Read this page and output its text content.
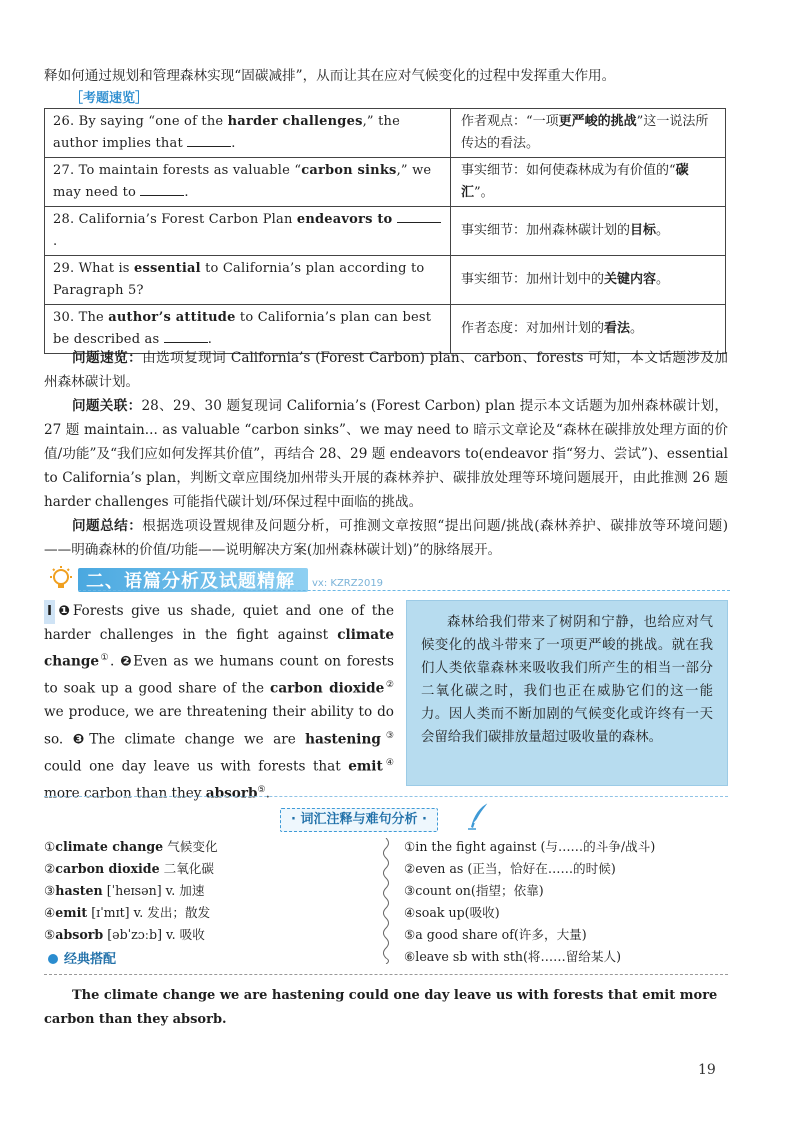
释如何通过规划和管理森林实现“固碳减排”，从而让其在应对气候变化的过程中发挥重大作用。
［考题速览］
26. By saying “one of the harder challenges,” the author implies that .	作者观点：“一项更严峻的挑战”这一说法所传达的看法。
27. To maintain forests as valuable “carbon sinks,” we may need to .	事实细节：如何使森林成为有价值的“碳汇”。
28. California’s Forest Carbon Plan endeavors to .	事实细节：加州森林碳计划的目标。
29. What is essential to California’s plan according to Paragraph 5?	事实细节：加州计划中的关键内容。
30. The author’s attitude to California’s plan can best be described as .	作者态度：对加州计划的看法。
问题速览：由选项复现词 California’s (Forest Carbon) plan、carbon、forests 可知，本文话题涉及加州森林碳计划。
问题关联：28、29、30 题复现词 California’s (Forest Carbon) plan 提示本文话题为加州森林碳计划，27 题 maintain... as valuable “carbon sinks”、we may need to 暗示文章论及“森林在碳排放处理方面的价值/功能”及“我们应如何发挥其价值”，再结合 28、29 题 endeavors to(endeavor 指“努力、尝试”)、essential to California’s plan，判断文章应围绕加州带头开展的森林养护、碳排放处理等环境问题展开，由此推测 26 题 harder challenges 可能指代碳计划/环保过程中面临的挑战。
问题总结：根据选项设置规律及问题分析，可推测文章按照“提出问题/挑战(森林养护、碳排放等环境问题)——明确森林的价值/功能——说明解决方案(加州森林碳计划)”的脉络展开。
二、语篇分析及试题精解 vx: KZRZ2019
Ⅰ ❶Forests give us shade, quiet and one of the harder challenges in the fight against climate change①. ❷Even as we humans count on forests to soak up a good share of the carbon dioxide② we produce, we are threatening their ability to do so. ❸The climate change we are hastening③ could one day leave us with forests that emit④ more carbon than they absorb⑤.
森林给我们带来了树阴和宁静，也给应对气候变化的战斗带来了一项更严峻的挑战。就在我们人类依靠森林来吸收我们所产生的相当一部分二氧化碳之时，我们也正在威胁它们的这一能力。因人类而不断加剧的气候变化或许终有一天会留给我们碳排放量超过吸收量的森林。
· 词汇注释与难句分析 ·
①climate change 气候变化
②carbon dioxide 二氧化碳
③hasten [ˈheɪsən] v. 加速
④emit [ɪˈmɪt] v. 发出；散发
⑤absorb [əbˈzɔːb] v. 吸收
①in the fight against (与……的斗争/战斗)
②even as (正当，恰好在……的时候)
③count on(指望；依靠)
④soak up(吸收)
⑤a good share of(许多，大量)
⑥leave sb with sth(将……留给某人)
经典搭配
The climate change we are hastening could one day leave us with forests that emit more carbon than they absorb.
19
